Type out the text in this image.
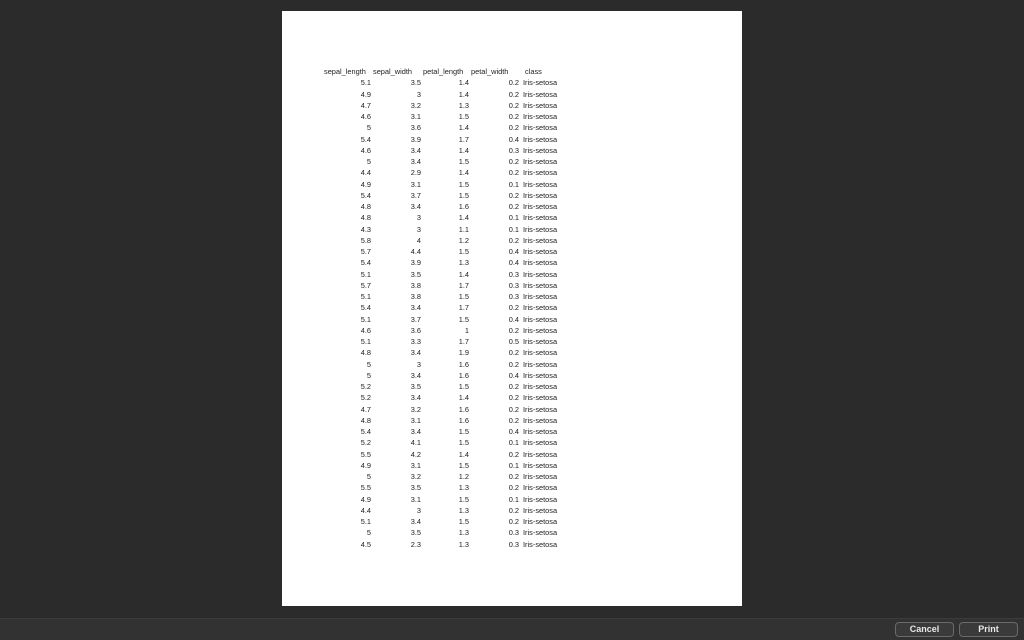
sepal_length	sepal_width	petal_length	petal_width	class
5.1	3.5	1.4	0.2	Iris-setosa
4.9	3	1.4	0.2	Iris-setosa
4.7	3.2	1.3	0.2	Iris-setosa
4.6	3.1	1.5	0.2	Iris-setosa
5	3.6	1.4	0.2	Iris-setosa
5.4	3.9	1.7	0.4	Iris-setosa
4.6	3.4	1.4	0.3	Iris-setosa
5	3.4	1.5	0.2	Iris-setosa
4.4	2.9	1.4	0.2	Iris-setosa
4.9	3.1	1.5	0.1	Iris-setosa
5.4	3.7	1.5	0.2	Iris-setosa
4.8	3.4	1.6	0.2	Iris-setosa
4.8	3	1.4	0.1	Iris-setosa
4.3	3	1.1	0.1	Iris-setosa
5.8	4	1.2	0.2	Iris-setosa
5.7	4.4	1.5	0.4	Iris-setosa
5.4	3.9	1.3	0.4	Iris-setosa
5.1	3.5	1.4	0.3	Iris-setosa
5.7	3.8	1.7	0.3	Iris-setosa
5.1	3.8	1.5	0.3	Iris-setosa
5.4	3.4	1.7	0.2	Iris-setosa
5.1	3.7	1.5	0.4	Iris-setosa
4.6	3.6	1	0.2	Iris-setosa
5.1	3.3	1.7	0.5	Iris-setosa
4.8	3.4	1.9	0.2	Iris-setosa
5	3	1.6	0.2	Iris-setosa
5	3.4	1.6	0.4	Iris-setosa
5.2	3.5	1.5	0.2	Iris-setosa
5.2	3.4	1.4	0.2	Iris-setosa
4.7	3.2	1.6	0.2	Iris-setosa
4.8	3.1	1.6	0.2	Iris-setosa
5.4	3.4	1.5	0.4	Iris-setosa
5.2	4.1	1.5	0.1	Iris-setosa
5.5	4.2	1.4	0.2	Iris-setosa
4.9	3.1	1.5	0.1	Iris-setosa
5	3.2	1.2	0.2	Iris-setosa
5.5	3.5	1.3	0.2	Iris-setosa
4.9	3.1	1.5	0.1	Iris-setosa
4.4	3	1.3	0.2	Iris-setosa
5.1	3.4	1.5	0.2	Iris-setosa
5	3.5	1.3	0.3	Iris-setosa
4.5	2.3	1.3	0.3	Iris-setosa
Cancel	Print
